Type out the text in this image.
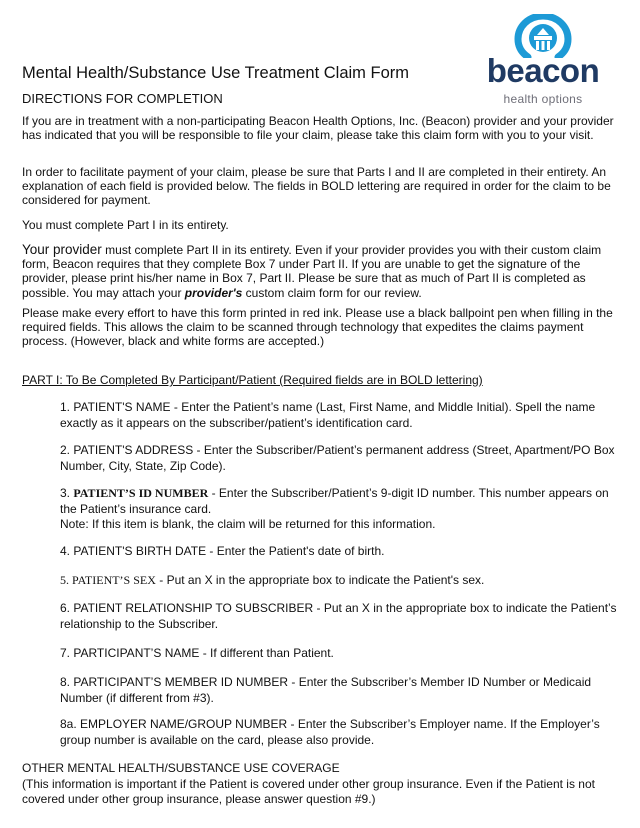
beacon
health options
Mental Health/Substance Use Treatment Claim Form
DIRECTIONS FOR COMPLETION

If you are in treatment with a non-participating Beacon Health Options, Inc. (Beacon) provider and your provider has indicated that you will be responsible to file your claim, please take this claim form with you to your visit.

In order to facilitate payment of your claim, please be sure that Parts I and II are completed in their entirety. An explanation of each field is provided below. The fields in BOLD lettering are required in order for the claim to be considered for payment.

You must complete Part I in its entirety.

Your provider must complete Part II in its entirety. Even if your provider provides you with their custom claim form, Beacon requires that they complete Box 7 under Part II. If you are unable to get the signature of the provider, please print his/her name in Box 7, Part II. Please be sure that as much of Part II is completed as possible. You may attach your provider's custom claim form for our review.

Please make every effort to have this form printed in red ink. Please use a black ballpoint pen when filling in the required fields. This allows the claim to be scanned through technology that expedites the claims payment process. (However, black and white forms are accepted.)

PART I: To Be Completed By Participant/Patient (Required fields are in BOLD lettering)

1. PATIENT'S NAME - Enter the Patient’s name (Last, First Name, and Middle Initial). Spell the name exactly as it appears on the subscriber/patient’s identification card.

2. PATIENT'S ADDRESS - Enter the Subscriber/Patient’s permanent address (Street, Apartment/PO Box Number, City, State, Zip Code).

3. PATIENT’S ID NUMBER - Enter the Subscriber/Patient’s 9-digit ID number. This number appears on the Patient’s insurance card.
Note: If this item is blank, the claim will be returned for this information.

4. PATIENT'S BIRTH DATE - Enter the Patient's date of birth.

5. PATIENT’S SEX - Put an X in the appropriate box to indicate the Patient's sex.

6. PATIENT RELATIONSHIP TO SUBSCRIBER - Put an X in the appropriate box to indicate the Patient’s relationship to the Subscriber.

7. PARTICIPANT’S NAME - If different than Patient.

8. PARTICIPANT’S MEMBER ID NUMBER - Enter the Subscriber’s Member ID Number or Medicaid Number (if different from #3).

8a. EMPLOYER NAME/GROUP NUMBER - Enter the Subscriber’s Employer name. If the Employer’s group number is available on the card, please also provide.

OTHER MENTAL HEALTH/SUBSTANCE USE COVERAGE

(This information is important if the Patient is covered under other group insurance. Even if the Patient is not covered under other group insurance, please answer question #9.)
